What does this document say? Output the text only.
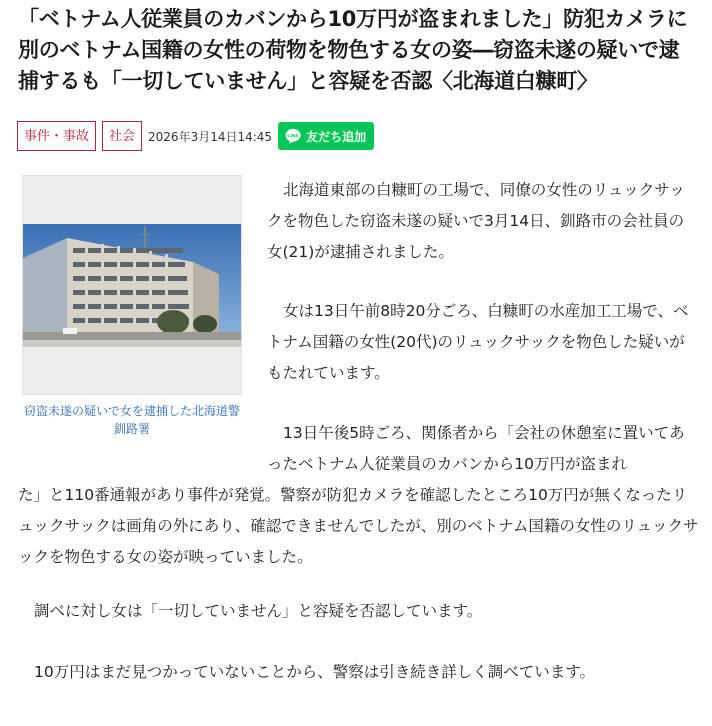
「ベトナム人従業員のカバンから10万円が盗まれました」防犯カメラに別のベトナム国籍の女性の荷物を物色する女の姿―窃盗未遂の疑いで逮捕するも「一切していません」と容疑を否認〈北海道白糠町〉
事件・事故	社会	2026年3月14日14:45 LINE 友だち追加
窃盗未遂の疑いで女を逮捕した北海道警釧路署

北海道東部の白糠町の工場で、同僚の女性のリュックサックを物色した窃盗未遂の疑いで3月14日、釧路市の会社員の女(21)が逮捕されました。

女は13日午前8時20分ごろ、白糠町の水産加工工場で、ベトナム国籍の女性(20代)のリュックサックを物色した疑いがもたれています。

13日午後5時ごろ、関係者から「会社の休憩室に置いてあったベトナム人従業員のカバンから10万円が盗まれ

た」と110番通報があり事件が発覚。警察が防犯カメラを確認したところ10万円が無くなったリュックサックは画角の外にあり、確認できませんでしたが、別のベトナム国籍の女性のリュックサックを物色する女の姿が映っていました。

調べに対し女は「一切していません」と容疑を否認しています。

10万円はまだ見つかっていないことから、警察は引き続き詳しく調べています。
